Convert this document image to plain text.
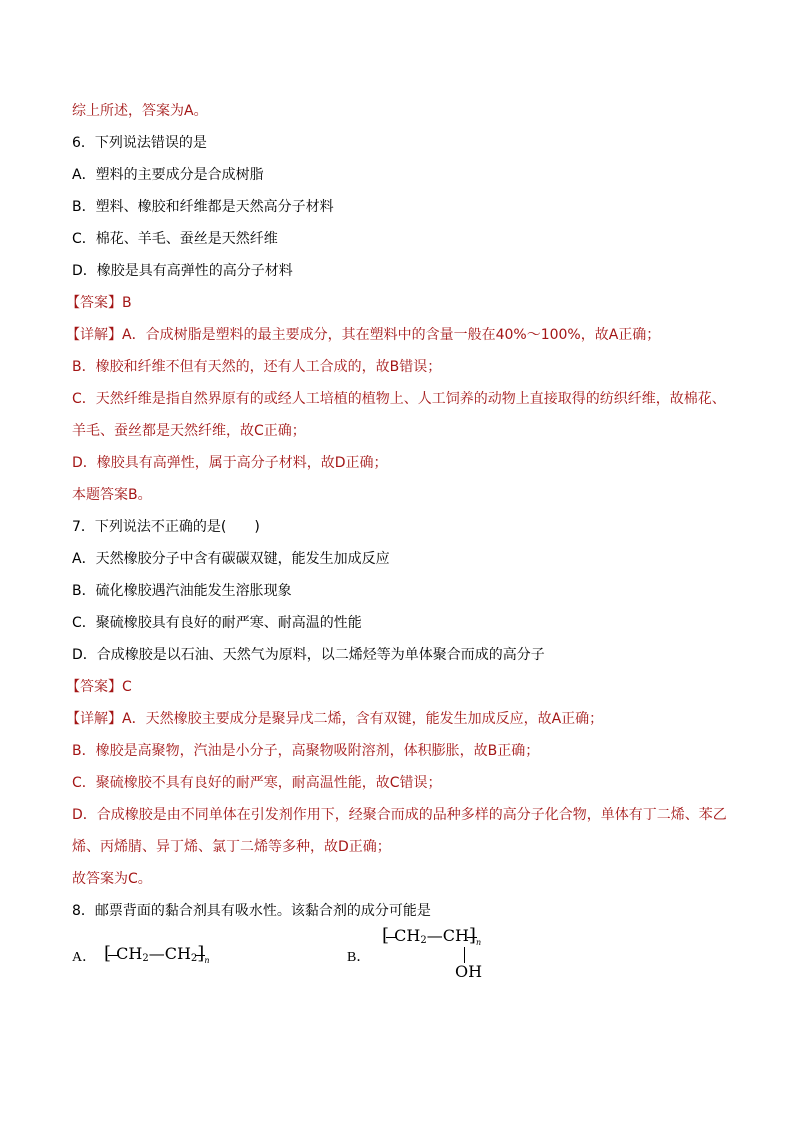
综上所述，答案为A。
6．下列说法错误的是
A．塑料的主要成分是合成树脂
B．塑料、橡胶和纤维都是天然高分子材料
C．棉花、羊毛、蚕丝是天然纤维
D．橡胶是具有高弹性的高分子材料
【答案】B
【详解】A．合成树脂是塑料的最主要成分，其在塑料中的含量一般在40%～100%，故A正确；
B．橡胶和纤维不但有天然的，还有人工合成的，故B错误；
C．天然纤维是指自然界原有的或经人工培植的植物上、人工饲养的动物上直接取得的纺织纤维，故棉花、
羊毛、蚕丝都是天然纤维，故C正确；
D．橡胶具有高弹性，属于高分子材料，故D正确；
本题答案B。
7．下列说法不正确的是(　　)
A．天然橡胶分子中含有碳碳双键，能发生加成反应
B．硫化橡胶遇汽油能发生溶胀现象
C．聚硫橡胶具有良好的耐严寒、耐高温的性能
D．合成橡胶是以石油、天然气为原料，以二烯烃等为单体聚合而成的高分子
【答案】C
【详解】A．天然橡胶主要成分是聚异戊二烯，含有双键，能发生加成反应，故A正确；
B．橡胶是高聚物，汽油是小分子，高聚物吸附溶剂，体积膨胀，故B正确；
C．聚硫橡胶不具有良好的耐严寒，耐高温性能，故C错误；
D．合成橡胶是由不同单体在引发剂作用下，经聚合而成的品种多样的高分子化合物，单体有丁二烯、苯乙
烯、丙烯腈、异丁烯、氯丁二烯等多种，故D正确；
故答案为C。
8．邮票背面的黏合剂具有吸水性。该黏合剂的成分可能是
A． [ $CH_2—CH_2$
]$_n$	B．
[ $CH_2—CH$
]$_n$
OH
